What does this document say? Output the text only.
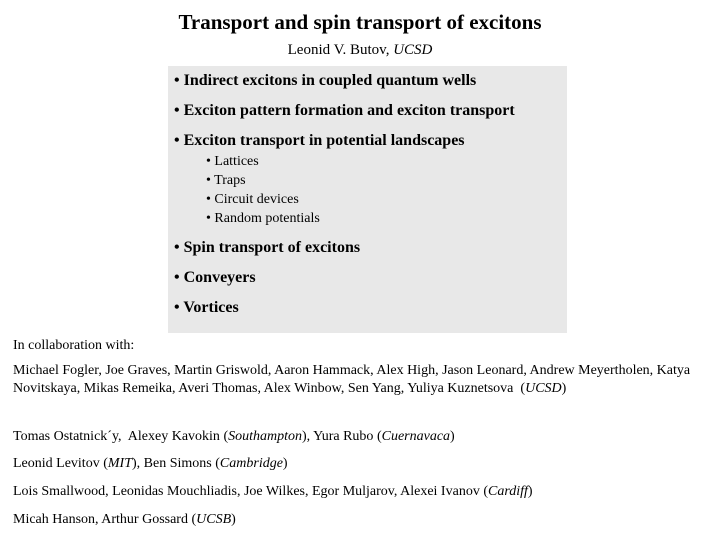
Transport and spin transport of excitons
Leonid V. Butov, UCSD
• Indirect excitons in coupled quantum wells
• Exciton pattern formation and exciton transport
• Exciton transport in potential landscapes
• Lattices
• Traps
• Circuit devices
• Random potentials
• Spin transport of excitons
• Conveyers
• Vortices
In collaboration with:
Michael Fogler, Joe Graves, Martin Griswold, Aaron Hammack, Alex High, Jason Leonard, Andrew Meyertholen, Katya Novitskaya, Mikas Remeika, Averi Thomas, Alex Winbow, Sen Yang, Yuliya Kuznetsova  (UCSD)
Tomas Ostatnick´y, Alexey Kavokin (Southampton), Yura Rubo (Cuernavaca)
Leonid Levitov (MIT), Ben Simons (Cambridge)
Lois Smallwood, Leonidas Mouchliadis, Joe Wilkes, Egor Muljarov, Alexei Ivanov (Cardiff)
Micah Hanson, Arthur Gossard (UCSB)
